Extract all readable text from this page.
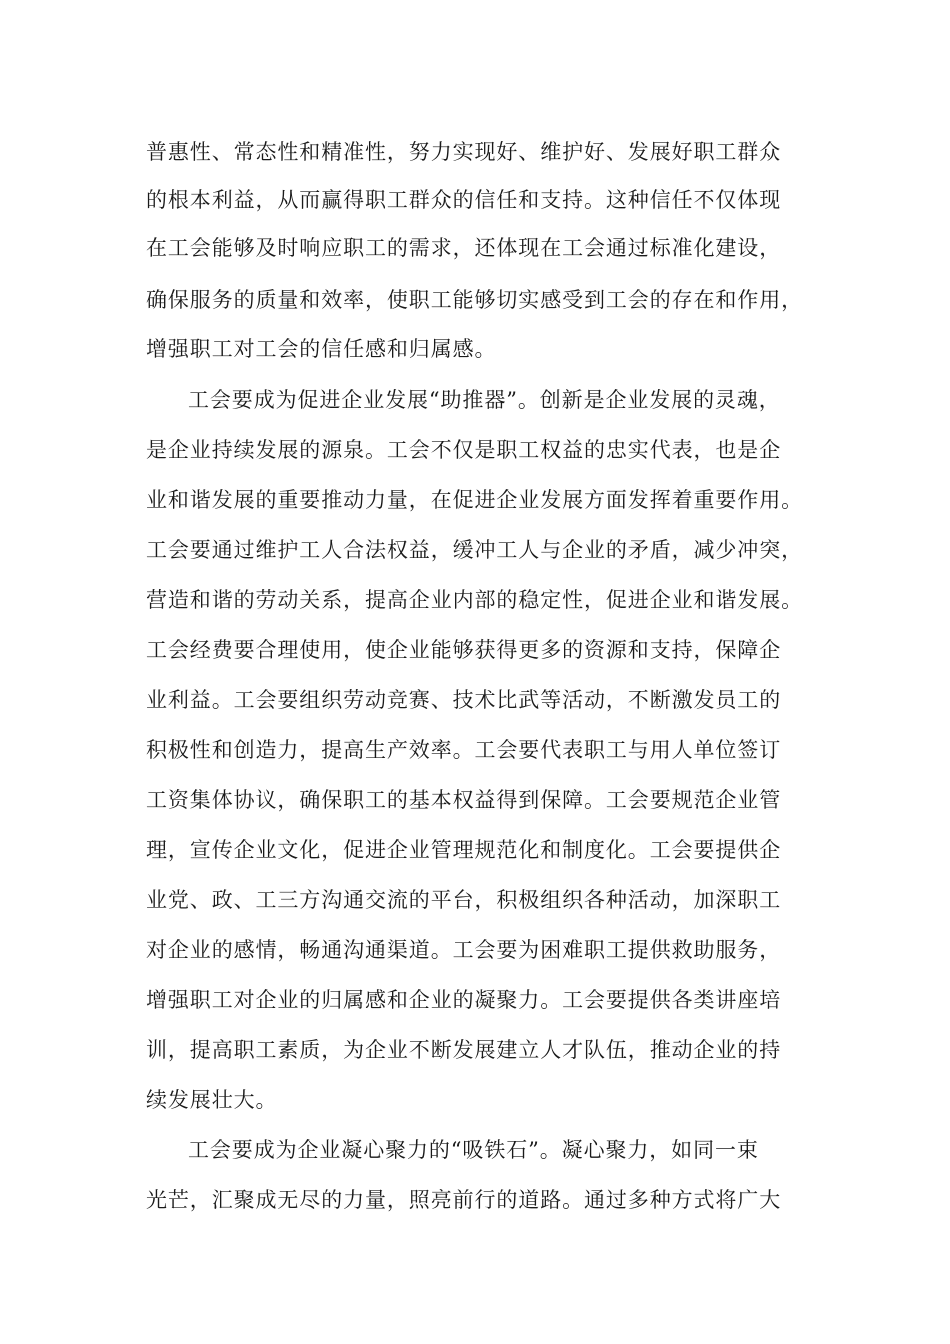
普惠性、常态性和精准性，努力实现好、维护好、发展好职工群众
的根本利益，从而赢得职工群众的信任和支持。这种信任不仅体现
在工会能够及时响应职工的需求，还体现在工会通过标准化建设，
确保服务的质量和效率，使职工能够切实感受到工会的存在和作用，
增强职工对工会的信任感和归属感。
工会要成为促进企业发展“助推器”。创新是企业发展的灵魂，
是企业持续发展的源泉。工会不仅是职工权益的忠实代表，也是企
业和谐发展的重要推动力量，在促进企业发展方面发挥着重要作用。
工会要通过维护工人合法权益，缓冲工人与企业的矛盾，减少冲突，
营造和谐的劳动关系，提高企业内部的稳定性，促进企业和谐发展。
工会经费要合理使用，使企业能够获得更多的资源和支持，保障企
业利益。工会要组织劳动竞赛、技术比武等活动，不断激发员工的
积极性和创造力，提高生产效率。工会要代表职工与用人单位签订
工资集体协议，确保职工的基本权益得到保障。工会要规范企业管
理，宣传企业文化，促进企业管理规范化和制度化。工会要提供企
业党、政、工三方沟通交流的平台，积极组织各种活动，加深职工
对企业的感情，畅通沟通渠道。工会要为困难职工提供救助服务，
增强职工对企业的归属感和企业的凝聚力。工会要提供各类讲座培
训，提高职工素质，为企业不断发展建立人才队伍，推动企业的持
续发展壮大。
工会要成为企业凝心聚力的“吸铁石”。凝心聚力，如同一束
光芒，汇聚成无尽的力量，照亮前行的道路。通过多种方式将广大
